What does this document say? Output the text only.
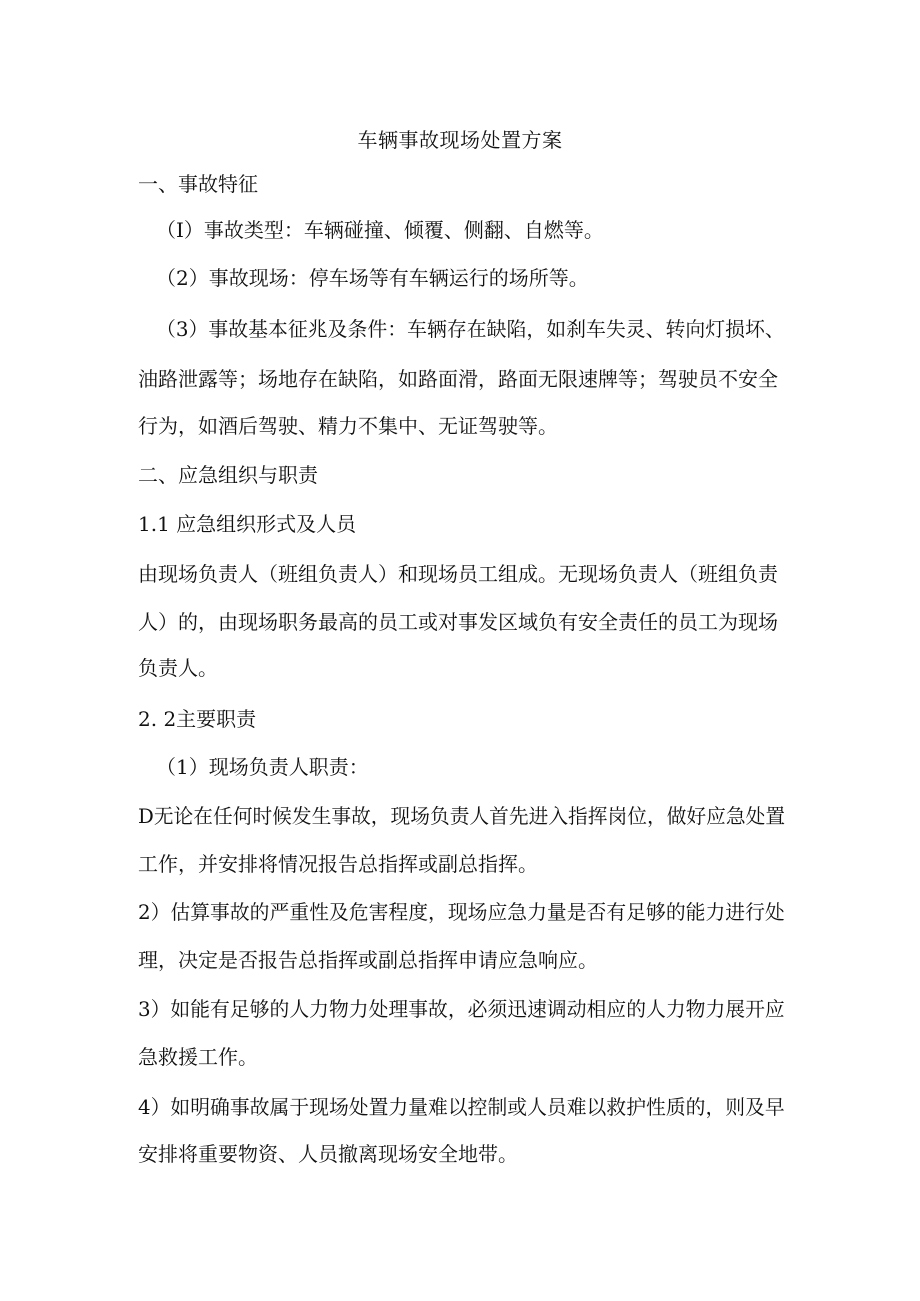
车辆事故现场处置方案
一、事故特征
（I）事故类型：车辆碰撞、倾覆、侧翻、自燃等。
（2）事故现场：停车场等有车辆运行的场所等。
（3）事故基本征兆及条件：车辆存在缺陷，如刹车失灵、转向灯损坏、
油路泄露等；场地存在缺陷，如路面滑，路面无限速牌等；驾驶员不安全
行为，如酒后驾驶、精力不集中、无证驾驶等。
二、应急组织与职责
1.1 应急组织形式及人员
由现场负责人（班组负责人）和现场员工组成。无现场负责人（班组负责
人）的，由现场职务最高的员工或对事发区域负有安全责任的员工为现场
负责人。
2. 2主要职责
（1）现场负责人职责：
D无论在任何时候发生事故，现场负责人首先进入指挥岗位，做好应急处置
工作，并安排将情况报告总指挥或副总指挥。
2）估算事故的严重性及危害程度，现场应急力量是否有足够的能力进行处
理，决定是否报告总指挥或副总指挥申请应急响应。
3）如能有足够的人力物力处理事故，必须迅速调动相应的人力物力展开应
急救援工作。
4）如明确事故属于现场处置力量难以控制或人员难以救护性质的，则及早
安排将重要物资、人员撤离现场安全地带。
